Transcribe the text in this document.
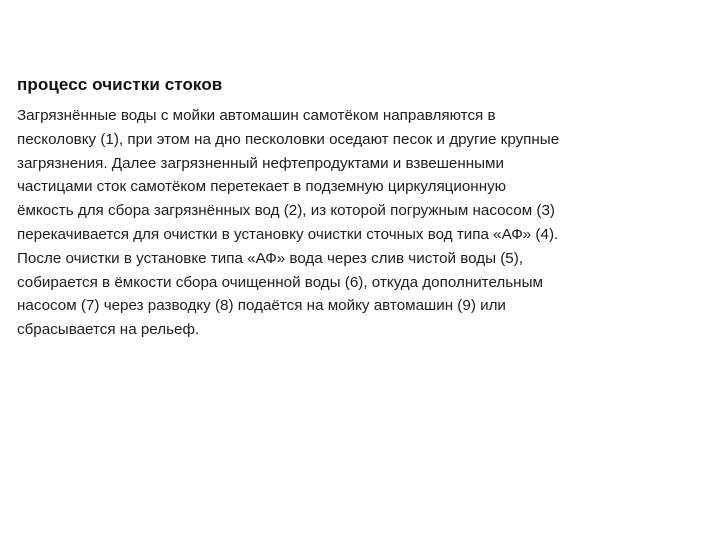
процесс очистки стоков
Загрязнённые воды с мойки автомашин самотёком направляются в
песколовку (1), при этом на дно песколовки оседают песок и другие крупные
загрязнения. Далее загрязненный нефтепродуктами и взвешенными
частицами сток самотёком перетекает в подземную циркуляционную
ёмкость для сбора загрязнённых вод (2), из которой погружным насосом (3)
перекачивается для очистки в установку очистки сточных вод типа «АФ» (4).
После очистки в установке типа «АФ» вода через слив чистой воды (5),
собирается в ёмкости сбора очищенной воды (6), откуда дополнительным
насосом (7) через разводку (8) подаётся на мойку автомашин (9) или
сбрасывается на рельеф.
